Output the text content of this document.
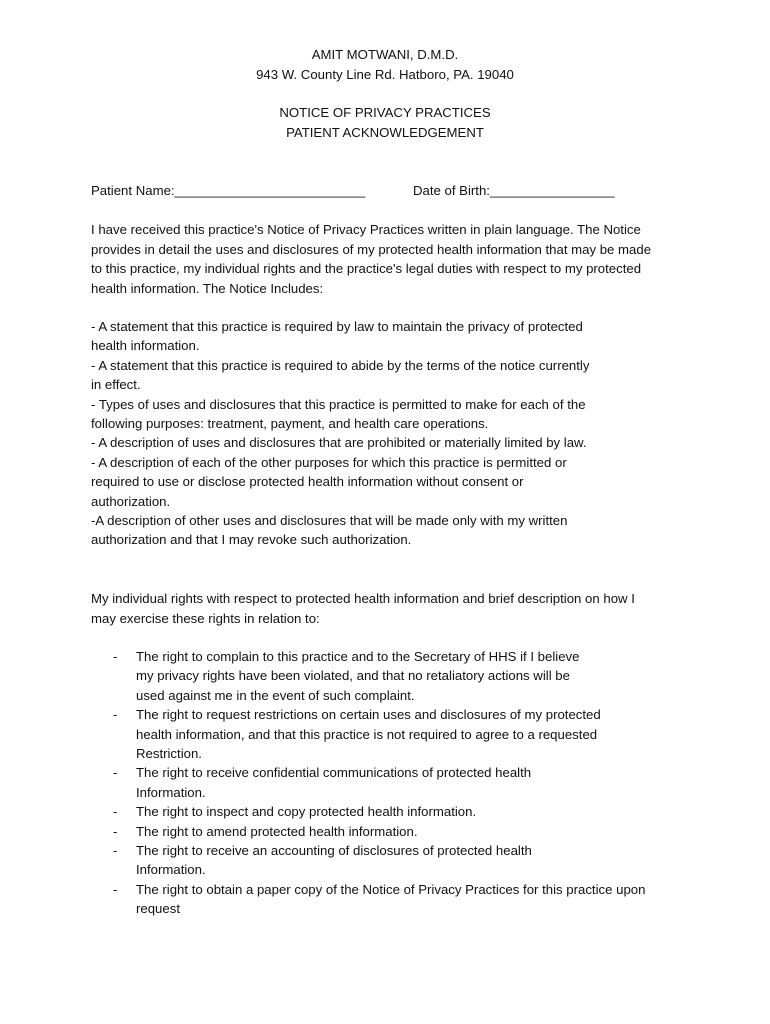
AMIT MOTWANI, D.M.D.
943 W. County Line Rd. Hatboro, PA. 19040
NOTICE OF PRIVACY PRACTICES
PATIENT ACKNOWLEDGEMENT
Patient Name:__________________________	Date of Birth:_________________
I have received this practice's Notice of Privacy Practices written in plain language. The Notice
provides in detail the uses and disclosures of my protected health information that may be made
to this practice, my individual rights and the practice's legal duties with respect to my protected
health information. The Notice Includes:
- A statement that this practice is required by law to maintain the privacy of protected
health information.
- A statement that this practice is required to abide by the terms of the notice currently
in effect.
- Types of uses and disclosures that this practice is permitted to make for each of the
following purposes: treatment, payment, and health care operations.
- A description of uses and disclosures that are prohibited or materially limited by law.
- A description of each of the other purposes for which this practice is permitted or
required to use or disclose protected health information without consent or
authorization.
-A description of other uses and disclosures that will be made only with my written
authorization and that I may revoke such authorization.
My individual rights with respect to protected health information and brief description on how I
may exercise these rights in relation to:
- The right to complain to this practice and to the Secretary of HHS if I believe
my privacy rights have been violated, and that no retaliatory actions will be
used against me in the event of such complaint.
- The right to request restrictions on certain uses and disclosures of my protected
health information, and that this practice is not required to agree to a requested
Restriction.
- The right to receive confidential communications of protected health
Information.
- The right to inspect and copy protected health information.
- The right to amend protected health information.
- The right to receive an accounting of disclosures of protected health
Information.
- The right to obtain a paper copy of the Notice of Privacy Practices for this practice upon
request
